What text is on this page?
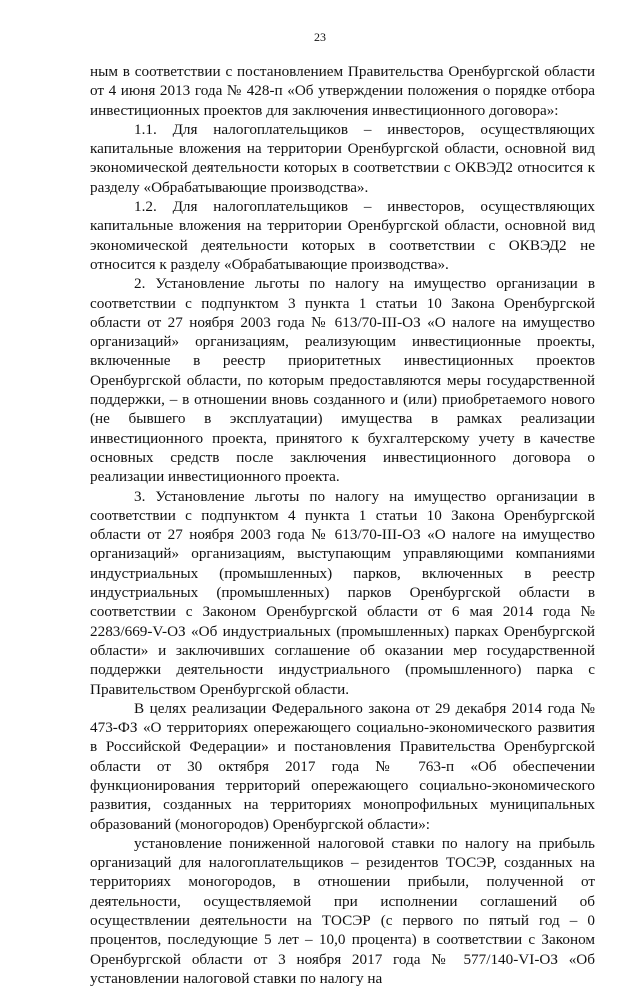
23

ным в соответствии с постановлением Правительства Оренбургской области от 4 июня 2013 года № 428-п «Об утверждении положения о порядке отбора инвестиционных проектов для заключения инвестиционного договора»:

1.1. Для налогоплательщиков – инвесторов, осуществляющих капитальные вложения на территории Оренбургской области, основной вид экономической деятельности которых в соответствии с ОКВЭД2 относится к разделу «Обрабатывающие производства».

1.2. Для налогоплательщиков – инвесторов, осуществляющих капитальные вложения на территории Оренбургской области, основной вид экономической деятельности которых в соответствии с ОКВЭД2 не относится к разделу «Обрабатывающие производства».

2. Установление льготы по налогу на имущество организации в соответствии с подпунктом 3 пункта 1 статьи 10 Закона Оренбургской области от 27 ноября 2003 года № 613/70-III-ОЗ «О налоге на имущество организаций» организациям, реализующим инвестиционные проекты, включенные в реестр приоритетных инвестиционных проектов Оренбургской области, по которым предоставляются меры государственной поддержки, – в отношении вновь созданного и (или) приобретаемого нового (не бывшего в эксплуатации) имущества в рамках реализации инвестиционного проекта, принятого к бухгалтерскому учету в качестве основных средств после заключения инвестиционного договора о реализации инвестиционного проекта.

3. Установление льготы по налогу на имущество организации в соответствии с подпунктом 4 пункта 1 статьи 10 Закона Оренбургской области от 27 ноября 2003 года № 613/70-III-ОЗ «О налоге на имущество организаций» организациям, выступающим управляющими компаниями индустриальных (промышленных) парков, включенных в реестр индустриальных (промышленных) парков Оренбургской области в соответствии с Законом Оренбургской области от 6 мая 2014 года № 2283/669-V-ОЗ «Об индустриальных (промышленных) парках Оренбургской области» и заключивших соглашение об оказании мер государственной поддержки деятельности индустриального (промышленного) парка с Правительством Оренбургской области.

В целях реализации Федерального закона от 29 декабря 2014 года № 473-ФЗ «О территориях опережающего социально-экономического развития в Российской Федерации» и постановления Правительства Оренбургской области от 30 октября 2017 года № 763-п «Об обеспечении функционирования территорий опережающего социально-экономического развития, созданных на территориях монопрофильных муниципальных образований (моногородов) Оренбургской области»:

установление пониженной налоговой ставки по налогу на прибыль организаций для налогоплательщиков – резидентов ТОСЭР, созданных на территориях моногородов, в отношении прибыли, полученной от деятельности, осуществляемой при исполнении соглашений об осуществлении деятельности на ТОСЭР (с первого по пятый год – 0 процентов, последующие 5 лет – 10,0 процента) в соответствии с Законом Оренбургской области от 3 ноября 2017 года № 577/140-VI-ОЗ «Об установлении налоговой ставки по налогу на
